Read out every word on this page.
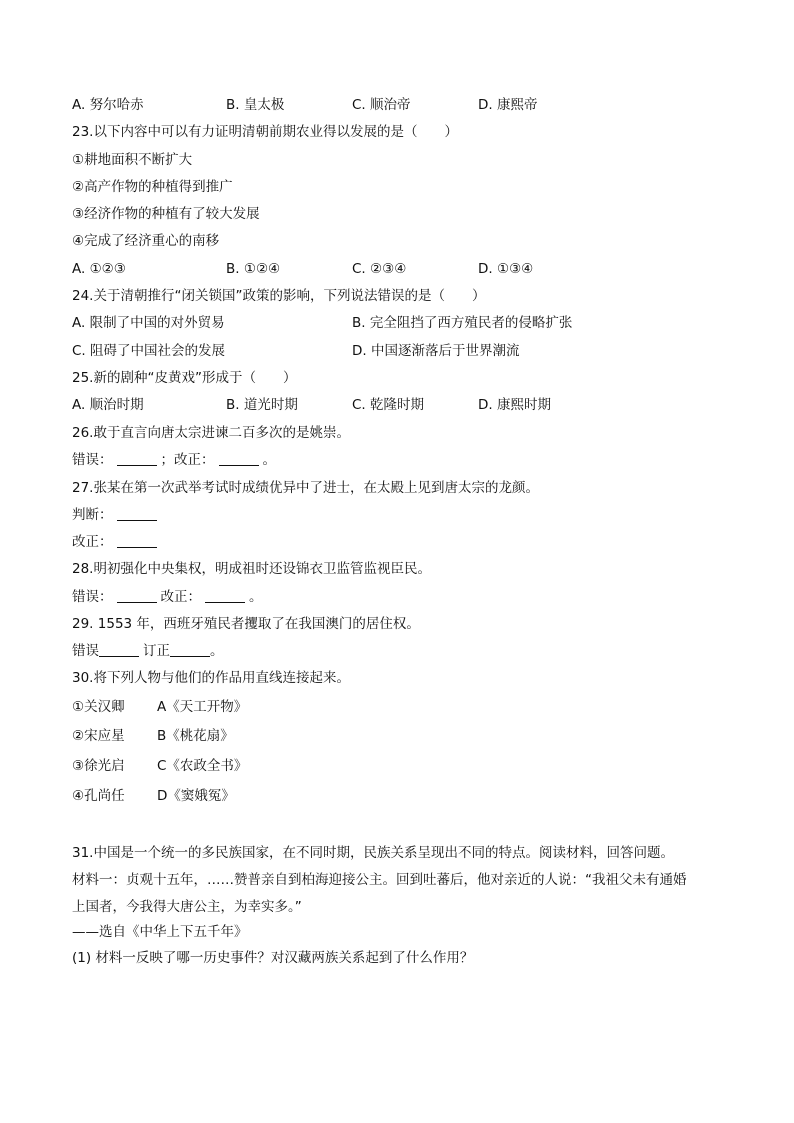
A. 努尔哈赤	B. 皇太极	C. 顺治帝	D. 康熙帝
23.以下内容中可以有力证明清朝前期农业得以发展的是（　　）
①耕地面积不断扩大
②高产作物的种植得到推广
③经济作物的种植有了较大发展
④完成了经济重心的南移
A. ①②③	B. ①②④	C. ②③④	D. ①③④
24.关于清朝推行“闭关锁国”政策的影响，下列说法错误的是（　　）
A. 限制了中国的对外贸易	B. 完全阻挡了西方殖民者的侵略扩张
C. 阻碍了中国社会的发展	D. 中国逐渐落后于世界潮流
25.新的剧种“皮黄戏”形成于（　　）
A. 顺治时期	B. 道光时期	C. 乾隆时期	D. 康熙时期
26.敢于直言向唐太宗进谏二百多次的是姚崇。
错误：	；改正：	。
27.张某在第一次武举考试时成绩优异中了进士，在太殿上见到唐太宗的龙颜。
判断：
改正：
28.明初强化中央集权，明成祖时还设锦衣卫监管监视臣民。
错误：	改正：	。
29. 1553 年，西班牙殖民者攫取了在我国澳门的居住权。
错误	订正	。
30.将下列人物与他们的作品用直线连接起来。
①关汉卿 A《天工开物》
②宋应星 B《桃花扇》
③徐光启 C《农政全书》
④孔尚任 D《窦娥冤》
31.中国是一个统一的多民族国家，在不同时期，民族关系呈现出不同的特点。阅读材料，回答问题。
材料一：贞观十五年，……赞普亲自到柏海迎接公主。回到吐蕃后，他对亲近的人说：“我祖父未有通婚
上国者，今我得大唐公主，为幸实多。”
——选自《中华上下五千年》
(1) 材料一反映了哪一历史事件？对汉藏两族关系起到了什么作用？
